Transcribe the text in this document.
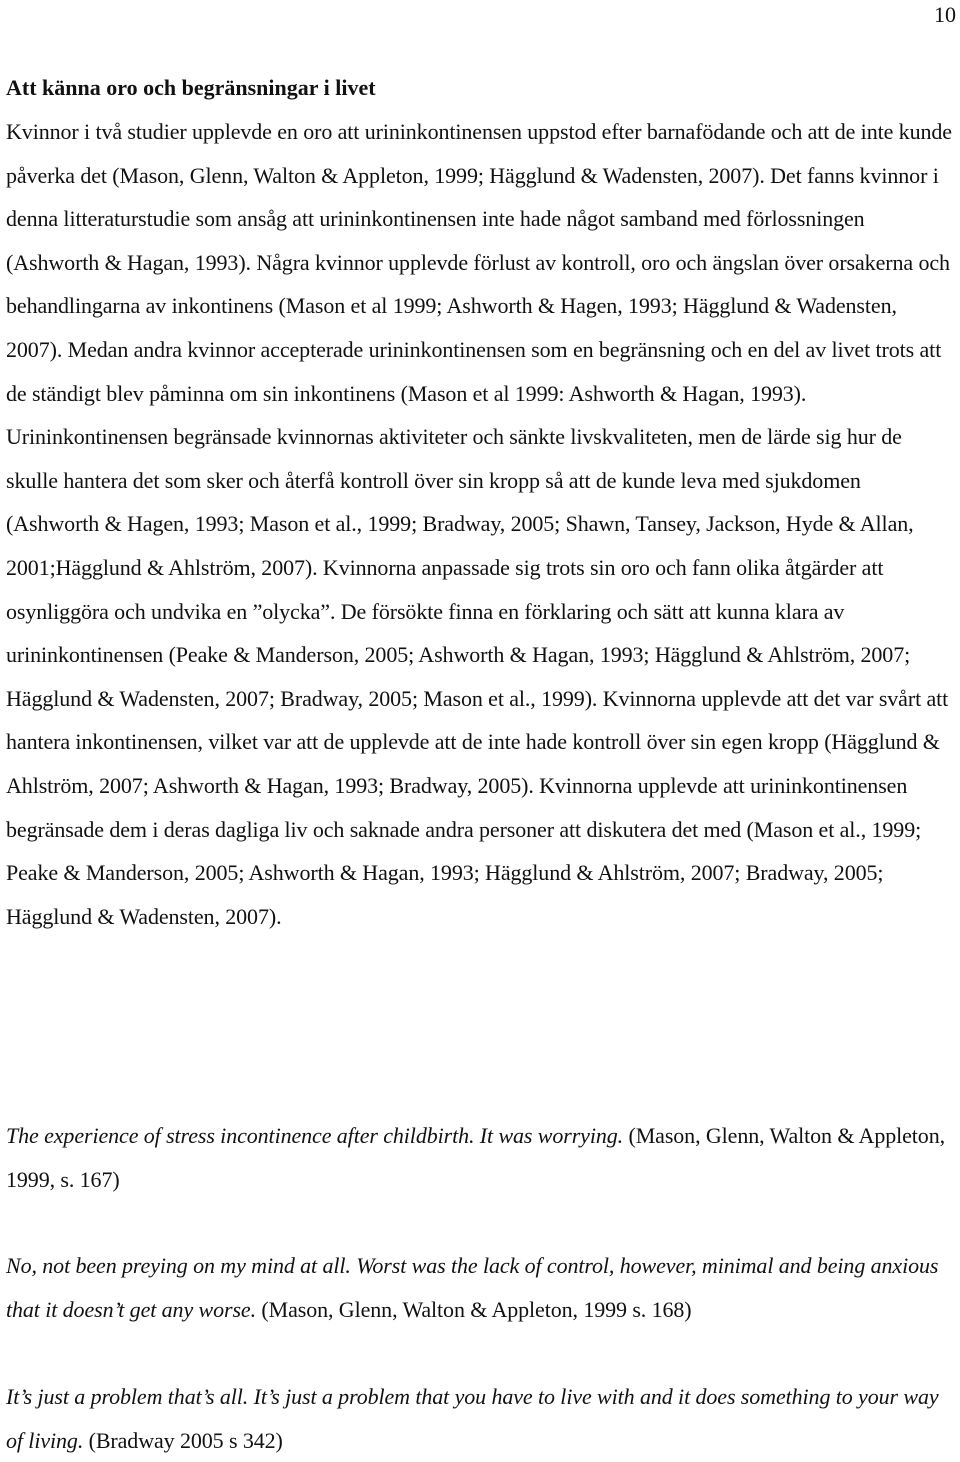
10
Att känna oro och begränsningar i livet

Kvinnor i två studier upplevde en oro att urininkontinensen uppstod efter barnafödande och att de inte kunde påverka det (Mason, Glenn, Walton & Appleton, 1999; Hägglund & Wadensten, 2007). Det fanns kvinnor i denna litteraturstudie som ansåg att urininkontinensen inte hade något samband med förlossningen (Ashworth & Hagan, 1993). Några kvinnor upplevde förlust av kontroll, oro och ängslan över orsakerna och behandlingarna av inkontinens (Mason et al 1999; Ashworth & Hagen, 1993; Hägglund & Wadensten, 2007). Medan andra kvinnor accepterade urininkontinensen som en begränsning och en del av livet trots att de ständigt blev påminna om sin inkontinens (Mason et al 1999: Ashworth & Hagan, 1993). Urininkontinensen begränsade kvinnornas aktiviteter och sänkte livskvaliteten, men de lärde sig hur de skulle hantera det som sker och återfå kontroll över sin kropp så att de kunde leva med sjukdomen (Ashworth & Hagen, 1993; Mason et al., 1999; Bradway, 2005; Shawn, Tansey, Jackson, Hyde & Allan, 2001;Hägglund & Ahlström, 2007). Kvinnorna anpassade sig trots sin oro och fann olika åtgärder att osynliggöra och undvika en ”olycka”. De försökte finna en förklaring och sätt att kunna klara av urininkontinensen (Peake & Manderson, 2005; Ashworth & Hagan, 1993; Hägglund & Ahlström, 2007; Hägglund & Wadensten, 2007; Bradway, 2005; Mason et al., 1999). Kvinnorna upplevde att det var svårt att hantera inkontinensen, vilket var att de upplevde att de inte hade kontroll över sin egen kropp (Hägglund & Ahlström, 2007; Ashworth & Hagan, 1993; Bradway, 2005). Kvinnorna upplevde att urininkontinensen begränsade dem i deras dagliga liv och saknade andra personer att diskutera det med (Mason et al., 1999; Peake & Manderson, 2005; Ashworth & Hagan, 1993; Hägglund & Ahlström, 2007; Bradway, 2005; Hägglund & Wadensten, 2007).

The experience of stress incontinence after childbirth. It was worrying. (Mason, Glenn, Walton & Appleton, 1999, s. 167)

No, not been preying on my mind at all. Worst was the lack of control, however, minimal and being anxious that it doesn’t get any worse. (Mason, Glenn, Walton & Appleton, 1999 s. 168)

It’s just a problem that’s all. It’s just a problem that you have to live with and it does something to your way of living. (Bradway 2005 s 342)
